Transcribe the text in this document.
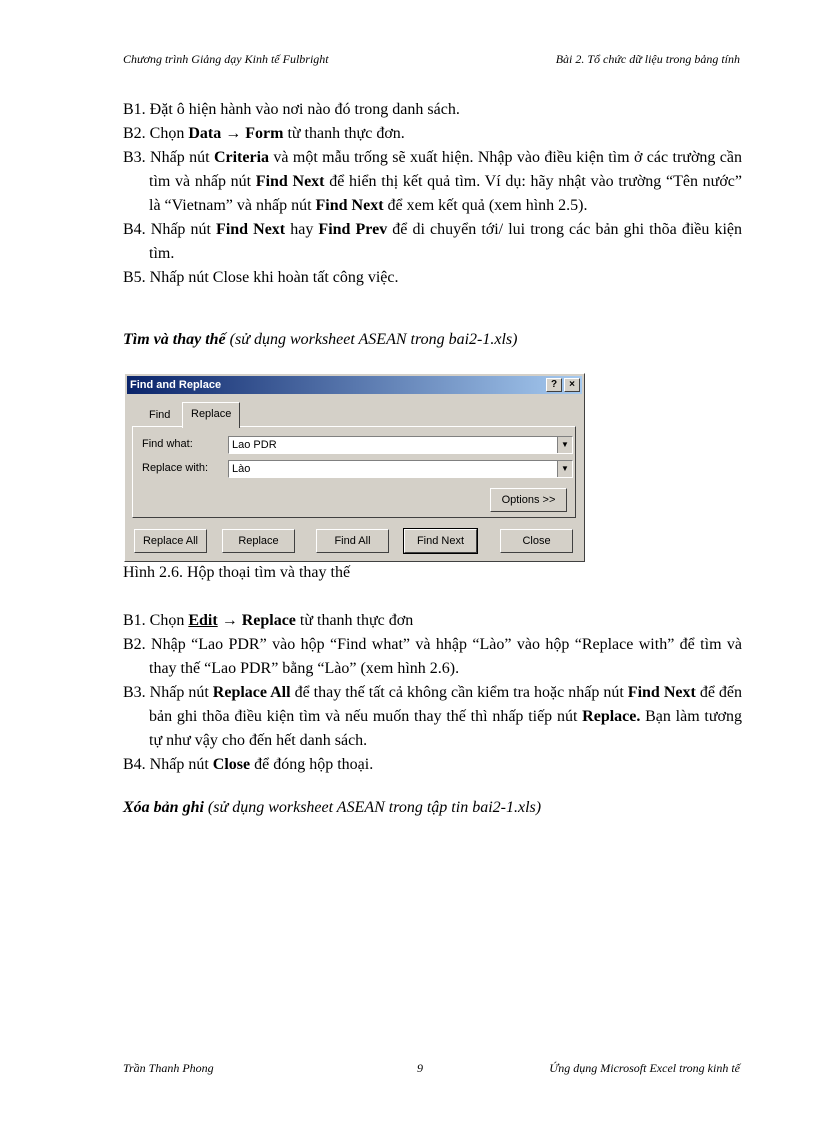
Chương trình Giảng dạy Kinh tế Fulbright	Bài 2. Tổ chức dữ liệu trong bảng tính
B1. Đặt ô hiện hành vào nơi nào đó trong danh sách.
B2. Chọn Data → Form từ thanh thực đơn.
B3. Nhấp nút Criteria và một mẫu trống sẽ xuất hiện. Nhập vào điều kiện tìm ở các trường cần tìm và nhấp nút Find Next để hiển thị kết quả tìm. Ví dụ: hãy nhật vào trường “Tên nước” là “Vietnam” và nhấp nút Find Next để xem kết quả (xem hình 2.5).
B4. Nhấp nút Find Next hay Find Prev để di chuyển tới/ lui trong các bản ghi thõa điều kiện tìm.
B5. Nhấp nút Close khi hoàn tất công việc.
Tìm và thay thế (sử dụng worksheet ASEAN trong bai2-1.xls)
Find and Replace	?	×
Find	Replace
Find what:	Lao PDR	▼
Replace with:	Lào	▼
Options >>
Replace All	Replace	Find All	Find Next	Close
Hình 2.6. Hộp thoại tìm và thay thế
B1. Chọn Edit → Replace từ thanh thực đơn
B2. Nhập “Lao PDR” vào hộp “Find what” và hhập “Lào” vào hộp “Replace with” để tìm và thay thế “Lao PDR” bằng “Lào” (xem hình 2.6).
B3. Nhấp nút Replace All để thay thế tất cả không cần kiểm tra hoặc nhấp nút Find Next để đến bản ghi thõa điều kiện tìm và nếu muốn thay thế thì nhấp tiếp nút Replace. Bạn làm tương tự như vậy cho đến hết danh sách.
B4. Nhấp nút Close để đóng hộp thoại.
Xóa bản ghi (sử dụng worksheet ASEAN trong tập tin bai2-1.xls)
Trần Thanh Phong	9	Ứng dụng Microsoft Excel trong kinh tế
